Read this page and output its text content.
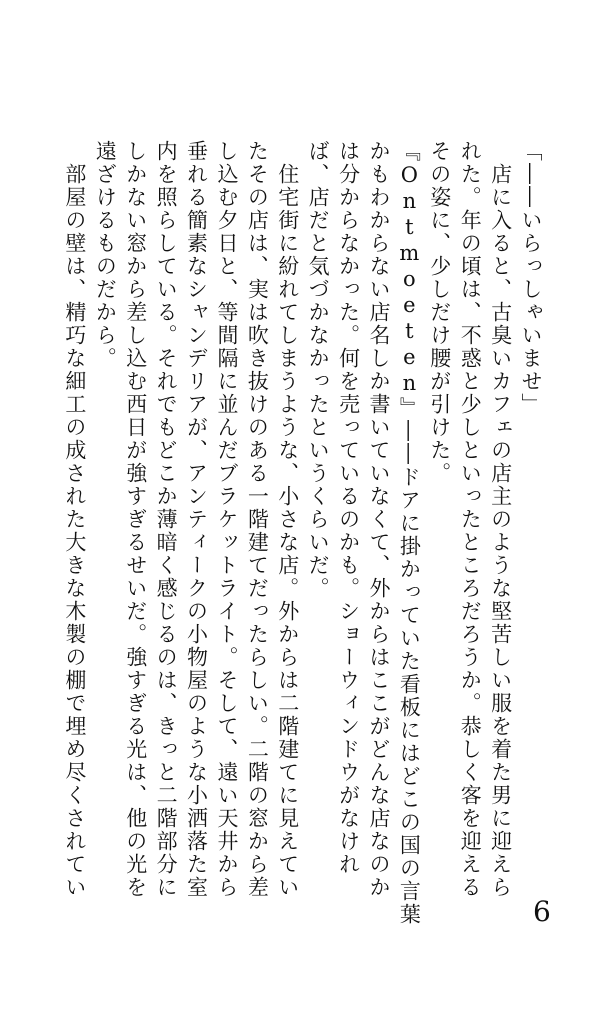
「――いらっしゃいませ」
店に入ると、古臭いカフェの店主のような堅苦しい服を着た男に迎えら
れた。年の頃は、不惑と少しといったところだろうか。恭しく客を迎える
その姿に、少しだけ腰が引けた。
『Ontmoeten』――ドアに掛かっていた看板にはどこの国の言葉
かもわからない店名しか書いていなくて、外からはここがどんな店なのか
は分からなかった。何を売っているのかも。ショーウィンドウがなけれ
ば、店だと気づかなかったというくらいだ。
住宅街に紛れてしまうような、小さな店。外からは二階建てに見えてい
たその店は、実は吹き抜けのある一階建てだったらしい。二階の窓から差
し込む夕日と、等間隔に並んだブラケットライト。そして、遠い天井から
垂れる簡素なシャンデリアが、アンティークの小物屋のような小洒落た室
内を照らしている。それでもどこか薄暗く感じるのは、きっと二階部分に
しかない窓から差し込む西日が強すぎるせいだ。強すぎる光は、他の光を
遠ざけるものだから。
部屋の壁は、精巧な細工の成された大きな木製の棚で埋め尽くされてい
6
